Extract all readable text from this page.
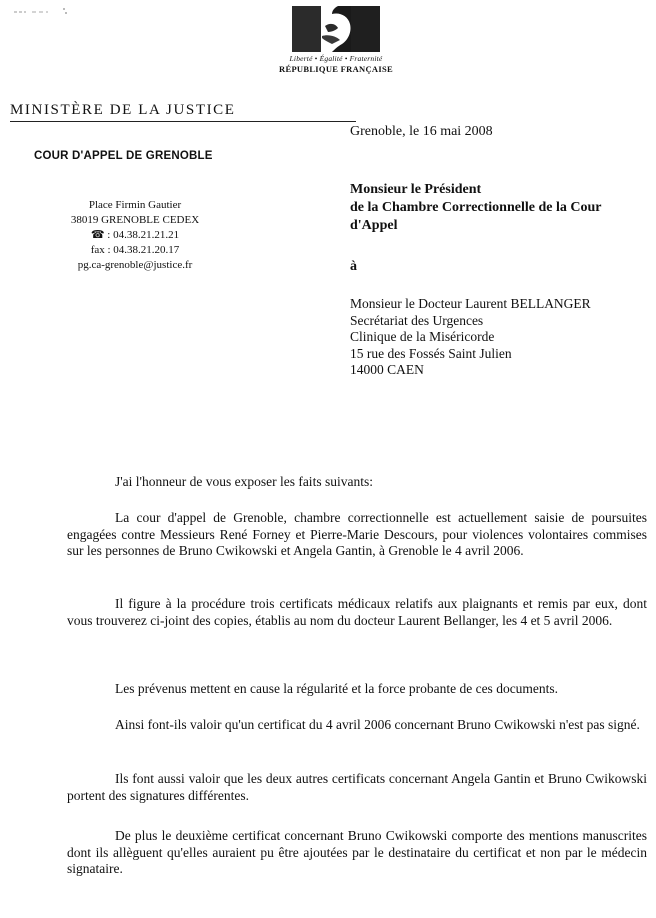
Liberté • Égalité • Fraternité
RÉPUBLIQUE FRANÇAISE
MINISTÈRE DE LA JUSTICE
COUR D'APPEL DE GRENOBLE
Place Firmin Gautier
38019 GRENOBLE CEDEX
☎ : 04.38.21.21.21
fax : 04.38.21.20.17
pg.ca-grenoble@justice.fr
Grenoble, le 16 mai 2008
Monsieur le Président
de la Chambre Correctionnelle de la Cour
d'Appel
à
Monsieur le Docteur Laurent BELLANGER
Secrétariat des Urgences
Clinique de la Miséricorde
15 rue des Fossés Saint Julien
14000 CAEN

J'ai l'honneur de vous exposer les faits suivants:

La cour d'appel de Grenoble, chambre correctionnelle est actuellement saisie de poursuites engagées contre Messieurs René Forney et Pierre-Marie Descours, pour violences volontaires commises sur les personnes de Bruno Cwikowski et Angela Gantin, à Grenoble le 4 avril 2006.

Il figure à la procédure trois certificats médicaux relatifs aux plaignants et remis par eux, dont vous trouverez ci-joint des copies, établis au nom du docteur Laurent Bellanger, les 4 et 5 avril 2006.

Les prévenus mettent en cause la régularité et la force probante de ces documents.

Ainsi font-ils valoir qu'un certificat du 4 avril 2006 concernant Bruno Cwikowski n'est pas signé.

Ils font aussi valoir que les deux autres certificats concernant Angela Gantin et Bruno Cwikowski portent des signatures différentes.

De plus le deuxième certificat concernant Bruno Cwikowski comporte des mentions manuscrites dont ils allèguent qu'elles auraient pu être ajoutées par le destinataire du certificat et non par le médecin signataire.
